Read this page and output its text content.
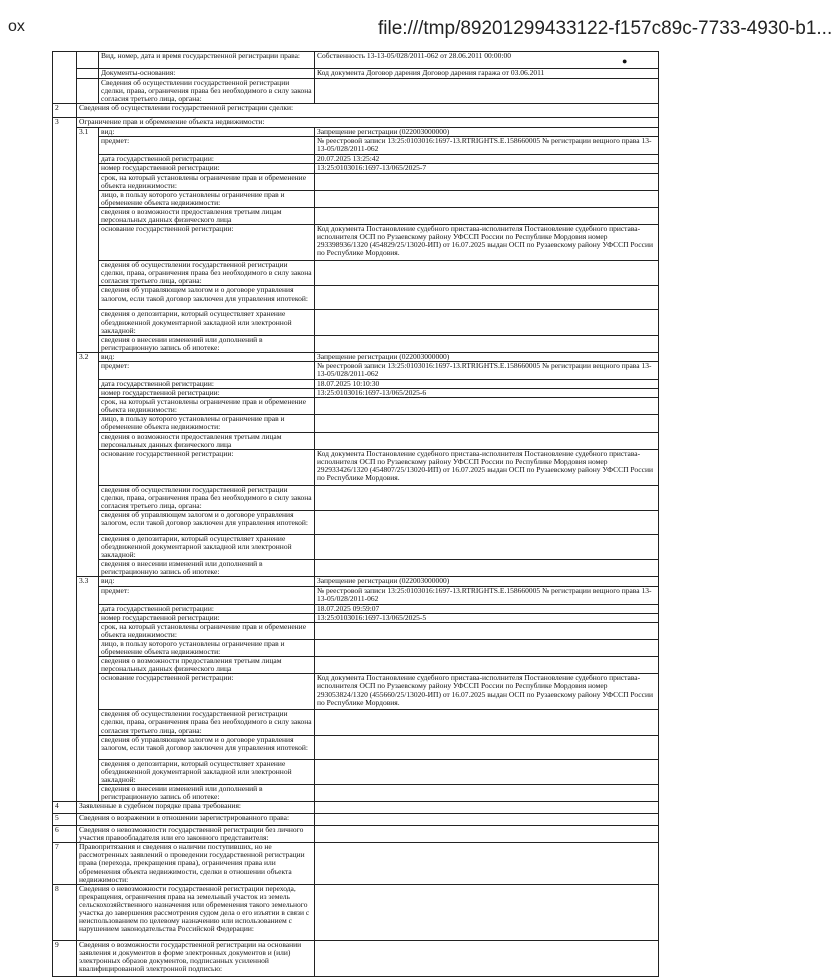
ox	file:///tmp/89201299433122-f157c89c-7733-4930-b1...
●
		Вид, номер, дата и время государственной регистрации права:	Собственность 13-13-05/028/2011-062 от 28.06.2011 00:00:00
		Документы-основания:	Код документа Договор дарения Договор дарения гаража от 03.06.2011
		Сведения об осуществлении государственной регистрации сделки, права, ограничения права без необходимого в силу закона согласия третьего лица, органа:	
2	Сведения об осуществлении государственной регистрации сделки:		
3	Ограничение прав и обременение объекта недвижимости:		
	3.1	вид:	Запрещение регистрации (022003000000)
		предмет:	№ реестровой записи 13:25:0103016:1697-13.RTRIGHTS.E.158660005 № регистрации вещного права 13-13-05/028/2011-062
		дата государственной регистрации:	20.07.2025 13:25:42
		номер государственной регистрации:	13:25:0103016:1697-13/065/2025-7
		срок, на который установлены ограничение прав и обременение объекта недвижимости:	
		лицо, в пользу которого установлены ограничение прав и обременение объекта недвижимости:	
		сведения о возможности предоставления третьим лицам персональных данных физического лица	
		основание государственной регистрации:	Код документа Постановление судебного пристава-исполнителя Постановление судебного пристава-исполнителя ОСП по Рузаевскому району УФССП России по Республике Мордовия номер 293398936/1320 (454829/25/13020-ИП) от 16.07.2025 выдан ОСП по Рузаевскому району УФССП России по Республике Мордовия.
		сведения об осуществлении государственной регистрации сделки, права, ограничения права без необходимого в силу закона согласия третьего лица, органа:	
		сведения об управляющем залогом и о договоре управления залогом, если такой договор заключен для управления ипотекой:	
		сведения о депозитарии, который осуществляет хранение обездвиженной документарной закладной или электронной закладной:	
		сведения о внесении изменений или дополнений в регистрационную запись об ипотеке:	
	3.2	вид:	Запрещение регистрации (022003000000)
		предмет:	№ реестровой записи 13:25:0103016:1697-13.RTRIGHTS.E.158660005 № регистрации вещного права 13-13-05/028/2011-062
		дата государственной регистрации:	18.07.2025 10:10:30
		номер государственной регистрации:	13:25:0103016:1697-13/065/2025-6
		срок, на который установлены ограничение прав и обременение объекта недвижимости:	
		лицо, в пользу которого установлены ограничение прав и обременение объекта недвижимости:	
		сведения о возможности предоставления третьим лицам персональных данных физического лица	
		основание государственной регистрации:	Код документа Постановление судебного пристава-исполнителя Постановление судебного пристава-исполнителя ОСП по Рузаевскому району УФССП России по Республике Мордовия номер 292933426/1320 (454807/25/13020-ИП) от 16.07.2025 выдан ОСП по Рузаевскому району УФССП России по Республике Мордовия.
		сведения об осуществлении государственной регистрации сделки, права, ограничения права без необходимого в силу закона согласия третьего лица, органа:	
		сведения об управляющем залогом и о договоре управления залогом, если такой договор заключен для управления ипотекой:	
		сведения о депозитарии, который осуществляет хранение обездвиженной документарной закладной или электронной закладной:	
		сведения о внесении изменений или дополнений в регистрационную запись об ипотеке:	
	3.3	вид:	Запрещение регистрации (022003000000)
		предмет:	№ реестровой записи 13:25:0103016:1697-13.RTRIGHTS.E.158660005 № регистрации вещного права 13-13-05/028/2011-062
		дата государственной регистрации:	18.07.2025 09:59:07
		номер государственной регистрации:	13:25:0103016:1697-13/065/2025-5
		срок, на который установлены ограничение прав и обременение объекта недвижимости:	
		лицо, в пользу которого установлены ограничение прав и обременение объекта недвижимости:	
		сведения о возможности предоставления третьим лицам персональных данных физического лица	
		основание государственной регистрации:	Код документа Постановление судебного пристава-исполнителя Постановление судебного пристава-исполнителя ОСП по Рузаевскому району УФССП России по Республике Мордовия номер 293053824/1320 (455660/25/13020-ИП) от 16.07.2025 выдан ОСП по Рузаевскому району УФССП России по Республике Мордовия.
		сведения об осуществлении государственной регистрации сделки, права, ограничения права без необходимого в силу закона согласия третьего лица, органа:	
		сведения об управляющем залогом и о договоре управления залогом, если такой договор заключен для управления ипотекой:	
		сведения о депозитарии, который осуществляет хранение обездвиженной документарной закладной или электронной закладной:	
		сведения о внесении изменений или дополнений в регистрационную запись об ипотеке:	
4	Заявленные в судебном порядке права требования:		
5	Сведения о возражении в отношении зарегистрированного права:		
6	Сведения о невозможности государственной регистрации без личного участия правообладателя или его законного представителя:		
7	Правопритязания и сведения о наличии поступивших, но не рассмотренных заявлений о проведении государственной регистрации права (перехода, прекращения права), ограничения права или обременения объекта недвижимости, сделки в отношении объекта недвижимости:		
8	Сведения о невозможности государственной регистрации перехода, прекращения, ограничения права на земельный участок из земель сельскохозяйственного назначения или обременения такого земельного участка до завершения рассмотрения судом дела о его изъятии в связи с неиспользованием по целевому назначению или использованием с нарушением законодательства Российской Федерации:		
9	Сведения о возможности государственной регистрации на основании заявления и документов в форме электронных документов и (или) электронных образов документов, подписанных усиленной квалифицированной электронной подписью:		
